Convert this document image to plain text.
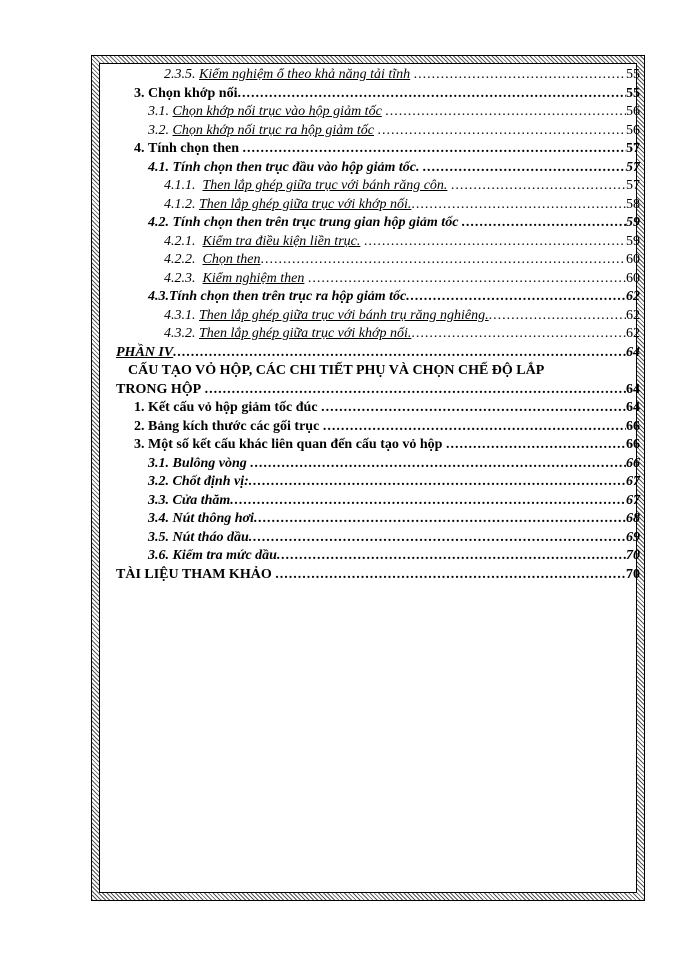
2.3.5. Kiểm nghiệm ổ theo khả năng tải tĩnh .....	55
3. Chọn khớp nối .....	55
3.1. Chọn khớp nối trục vào hộp giảm tốc .....	56
3.2. Chọn khớp nối trục ra hộp giảm tốc .....	56
4. Tính chọn then .....	57
4.1. Tính chọn then trục đầu vào hộp giảm tốc. .....	57
4.1.1. Then lắp ghép giữa trục với bánh răng côn. .....	57
4.1.2. Then lắp ghép giữa trục với khớp nối. .....	58
4.2. Tính chọn then trên trục trung gian hộp giảm tốc .....	59
4.2.1. Kiểm tra điều kiện liền trục. .....	59
4.2.2. Chọn then .....	60
4.2.3. Kiểm nghiệm then .....	60
4.3.Tính chọn then trên trục ra hộp giảm tốc .....	62
4.3.1. Then lắp ghép giữa trục với bánh trụ răng nghiêng. .....	62
4.3.2. Then lắp ghép giữa trục với khớp nối. .....	62
PHẦN IV .....	64
CẤU TẠO VỎ HỘP, CÁC CHI TIẾT PHỤ VÀ CHỌN CHẾ ĐỘ LẮP
TRONG HỘP .....	64
1. Kết cấu vỏ hộp giảm tốc đúc .....	64
2. Bảng kích thước các gối trục .....	66
3. Một số kết cấu khác liên quan đến cấu tạo vỏ hộp .....	66
3.1. Bulông vòng .....	66
3.2. Chốt định vị: .....	67
3.3. Cửa thăm .....	67
3.4. Nút thông hơi .....	68
3.5. Nút tháo dầu .....	69
3.6. Kiểm tra mức dầu .....	70
TÀI LIỆU THAM KHẢO .....	70
